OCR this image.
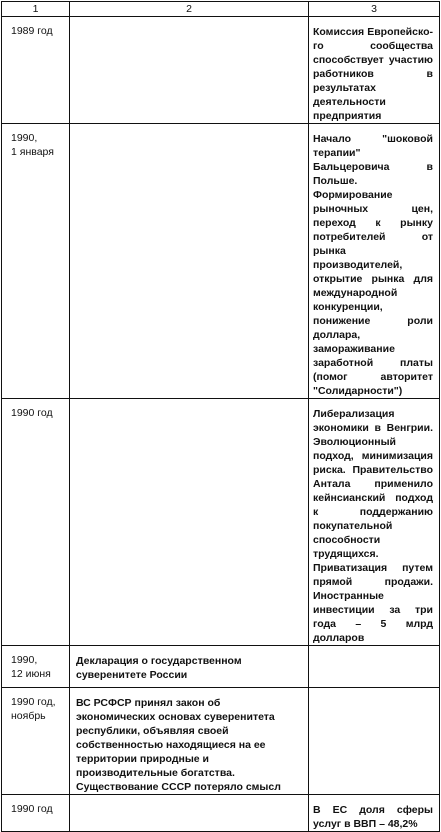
1	2	3
1989 год		Комиссия Европейско-го сообщества способствует участию работников в результатах деятельности предприятия
1990,
1 января		Начало "шоковой терапии" Бальцеровича в Польше. Формирование рыночных цен, переход к рынку потребителей от рынка производителей, открытие рынка для международной конкуренции, понижение роли доллара, замораживание заработной платы (помог авторитет "Солидарности")
1990 год		Либерализация экономики в Венгрии. Эволюционный подход, минимизация риска. Правительство Антала применило кейнсианский подход к поддержанию покупательной способности трудящихся. Приватизация путем прямой продажи. Иностранные инвестиции за три года – 5 млрд долларов
1990,
12 июня	Декларация о государственном суверенитете России	
1990 год,
ноябрь	ВС РСФСР принял закон об экономических основах суверенитета республики, объявляя своей собственностью находящиеся на ее территории природные и производительные богатства. Существование СССР потеряло смысл	
1990 год		В ЕС доля сферы услуг в ВВП – 48,2%
